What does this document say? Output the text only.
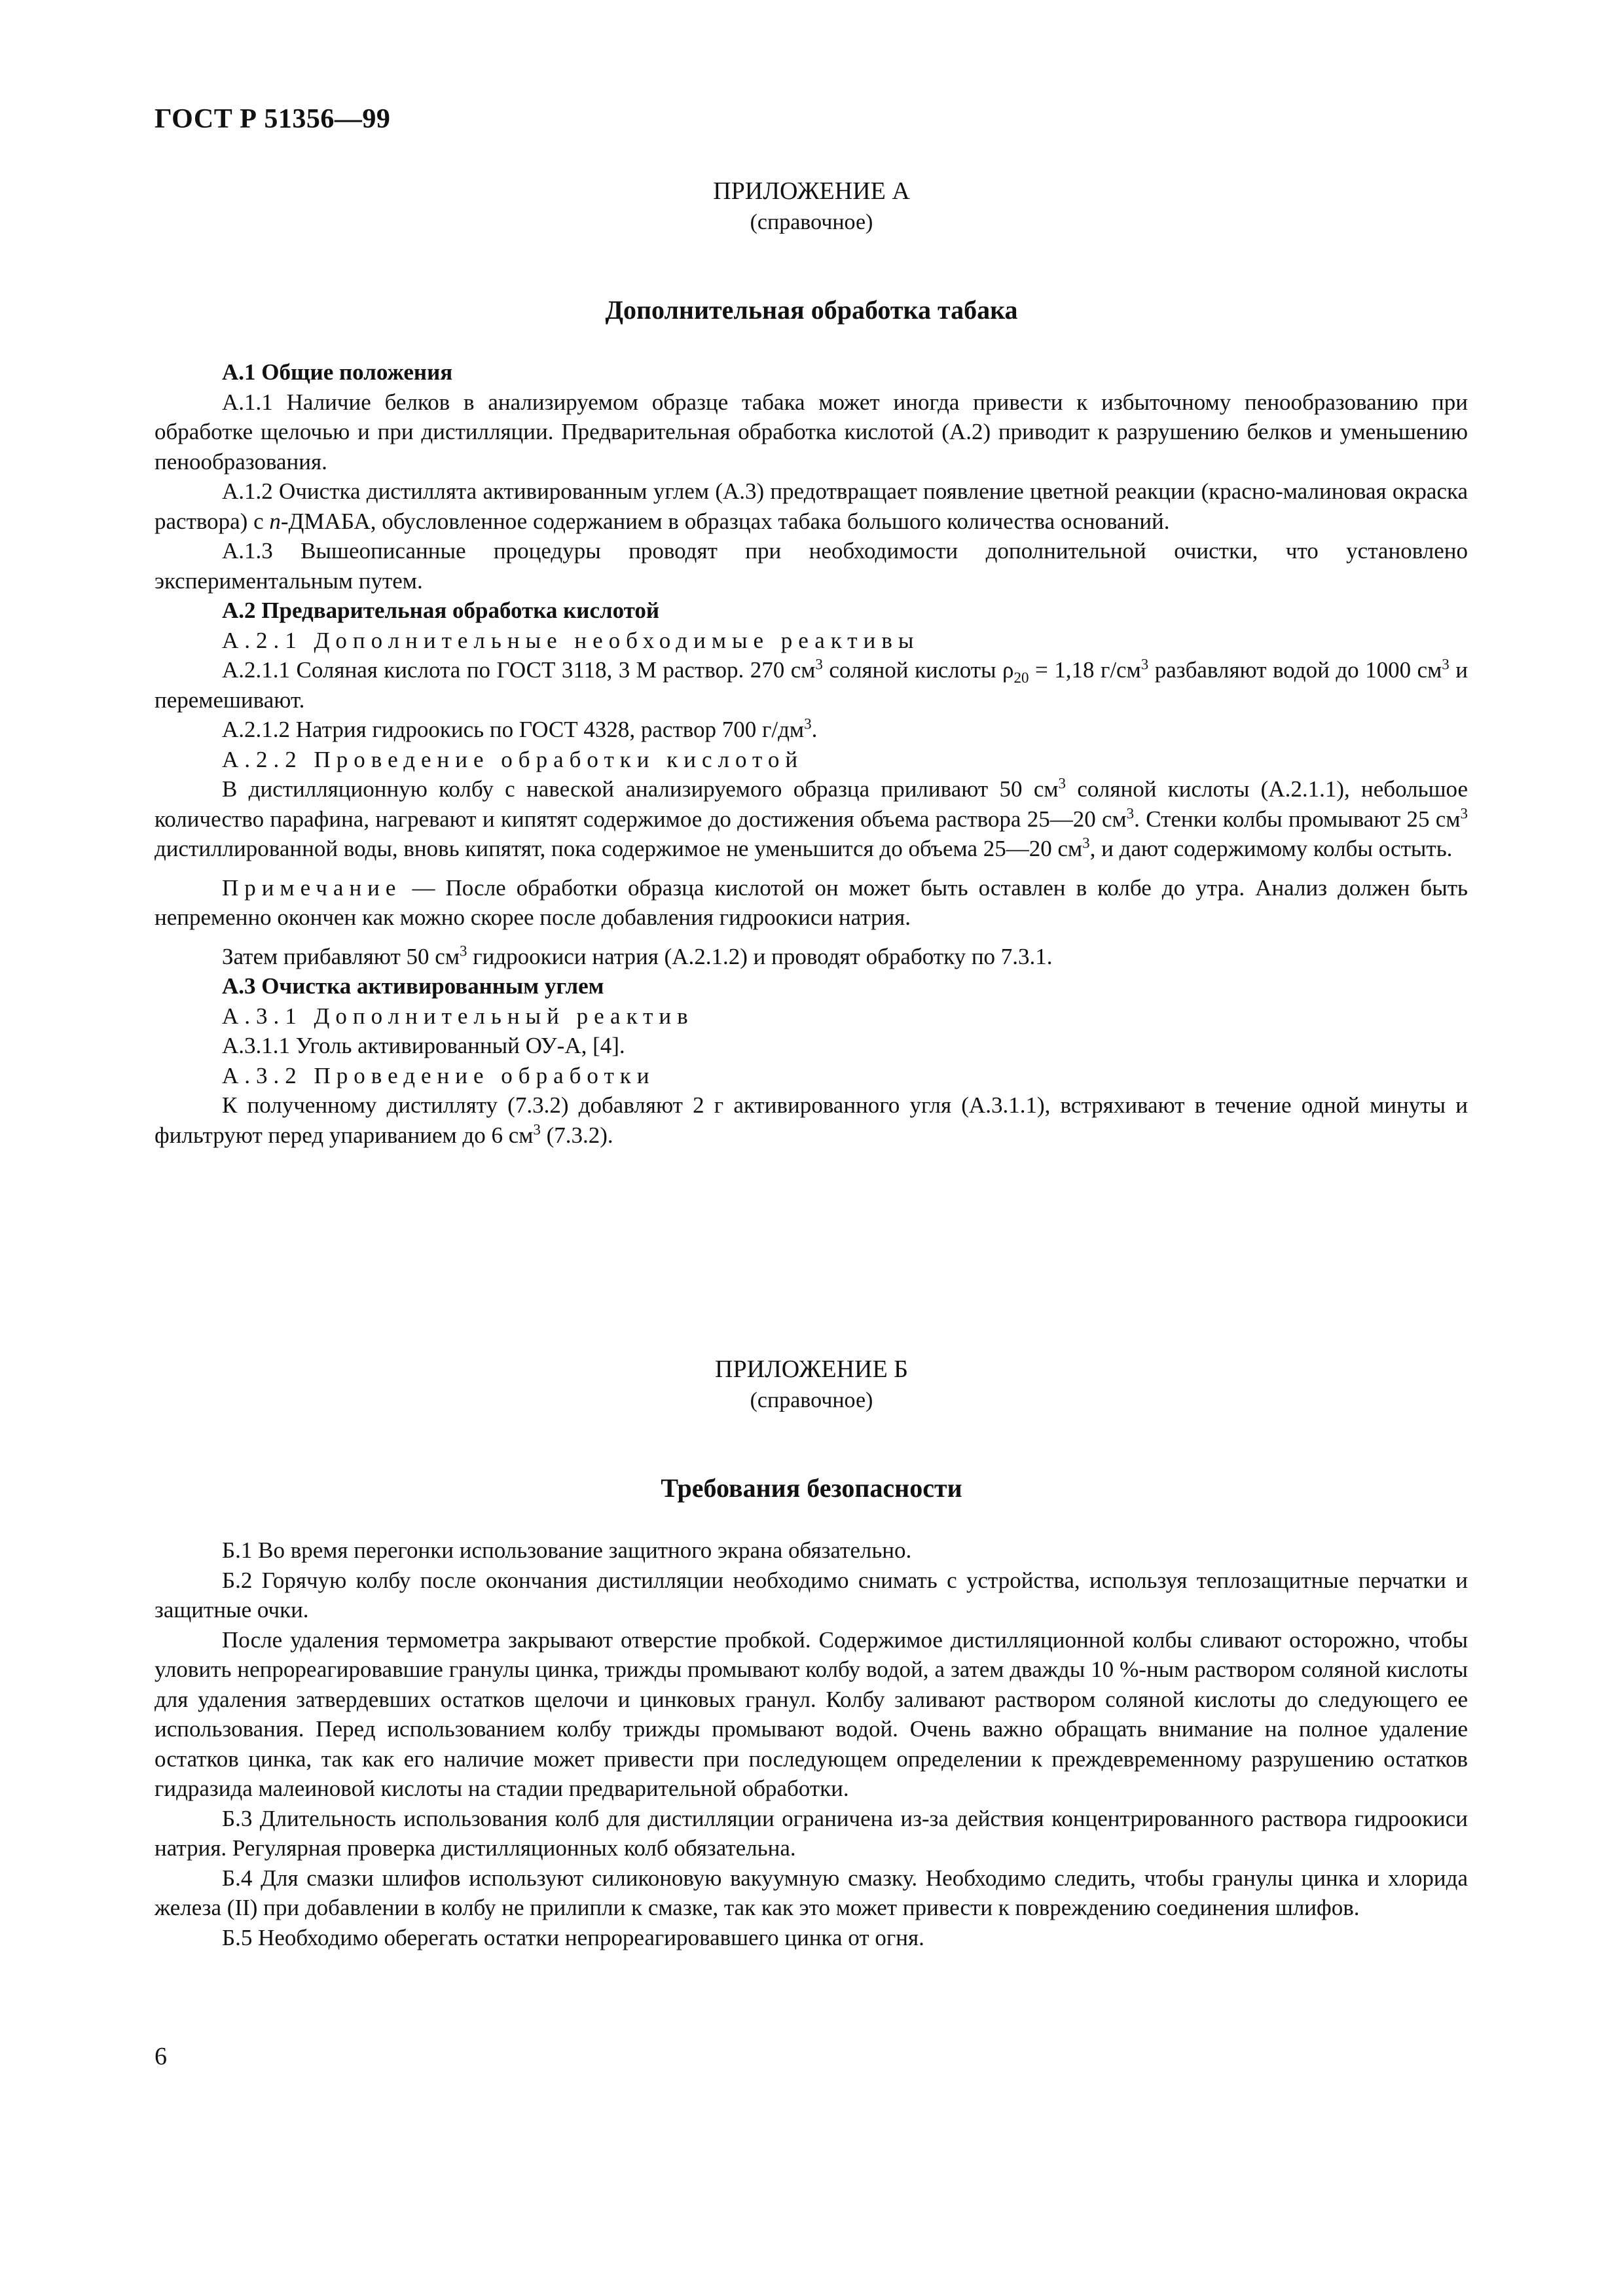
ГОСТ Р 51356—99
ПРИЛОЖЕНИЕ А
(справочное)
Дополнительная обработка табака

А.1 Общие положения

А.1.1 Наличие белков в анализируемом образце табака может иногда привести к избыточному пенообразованию при обработке щелочью и при дистилляции. Предварительная обработка кислотой (А.2) приводит к разрушению белков и уменьшению пенообразования.

А.1.2 Очистка дистиллята активированным углем (А.3) предотвращает появление цветной реакции (красно-малиновая окраска раствора) с n-ДМАБА, обусловленное содержанием в образцах табака большого количества оснований.

А.1.3 Вышеописанные процедуры проводят при необходимости дополнительной очистки, что установлено экспериментальным путем.

А.2 Предварительная обработка кислотой

А.2.1 Дополнительные необходимые реактивы

А.2.1.1 Соляная кислота по ГОСТ 3118, 3 М раствор. 270 $см^3$ соляной кислоты $\rho_{20} = 1,18$ $г/см^3$ разбавляют водой до 1000 $см^3$ и перемешивают.

А.2.1.2 Натрия гидроокись по ГОСТ 4328, раствор 700 $г/дм^3$.

А.2.2 Проведение обработки кислотой

В дистилляционную колбу с навеской анализируемого образца приливают 50 $см^3$ соляной кислоты (А.2.1.1), небольшое количество парафина, нагревают и кипятят содержимое до достижения объема раствора 25—20 $см^3$. Стенки колбы промывают 25 $см^3$ дистиллированной воды, вновь кипятят, пока содержимое не уменьшится до объема 25—20 $см^3$, и дают содержимому колбы остыть.

Примечание — После обработки образца кислотой он может быть оставлен в колбе до утра. Анализ должен быть непременно окончен как можно скорее после добавления гидроокиси натрия.

Затем прибавляют 50 $см^3$ гидроокиси натрия (А.2.1.2) и проводят обработку по 7.3.1.

А.3 Очистка активированным углем

А.3.1 Дополнительный реактив

А.3.1.1 Уголь активированный ОУ-А, [4].

А.3.2 Проведение обработки

К полученному дистилляту (7.3.2) добавляют 2 г активированного угля (А.3.1.1), встряхивают в течение одной минуты и фильтруют перед упариванием до 6 $см^3$ (7.3.2).

ПРИЛОЖЕНИЕ Б
(справочное)
Требования безопасности

Б.1 Во время перегонки использование защитного экрана обязательно.

Б.2 Горячую колбу после окончания дистилляции необходимо снимать с устройства, используя теплозащитные перчатки и защитные очки.

После удаления термометра закрывают отверстие пробкой. Содержимое дистилляционной колбы сливают осторожно, чтобы уловить непрореагировавшие гранулы цинка, трижды промывают колбу водой, а затем дважды 10 %-ным раствором соляной кислоты для удаления затвердевших остатков щелочи и цинковых гранул. Колбу заливают раствором соляной кислоты до следующего ее использования. Перед использованием колбу трижды промывают водой. Очень важно обращать внимание на полное удаление остатков цинка, так как его наличие может привести при последующем определении к преждевременному разрушению остатков гидразида малеиновой кислоты на стадии предварительной обработки.

Б.3 Длительность использования колб для дистилляции ограничена из-за действия концентрированного раствора гидроокиси натрия. Регулярная проверка дистилляционных колб обязательна.

Б.4 Для смазки шлифов используют силиконовую вакуумную смазку. Необходимо следить, чтобы гранулы цинка и хлорида железа (II) при добавлении в колбу не прилипли к смазке, так как это может привести к повреждению соединения шлифов.

Б.5 Необходимо оберегать остатки непрореагировавшего цинка от огня.

6
